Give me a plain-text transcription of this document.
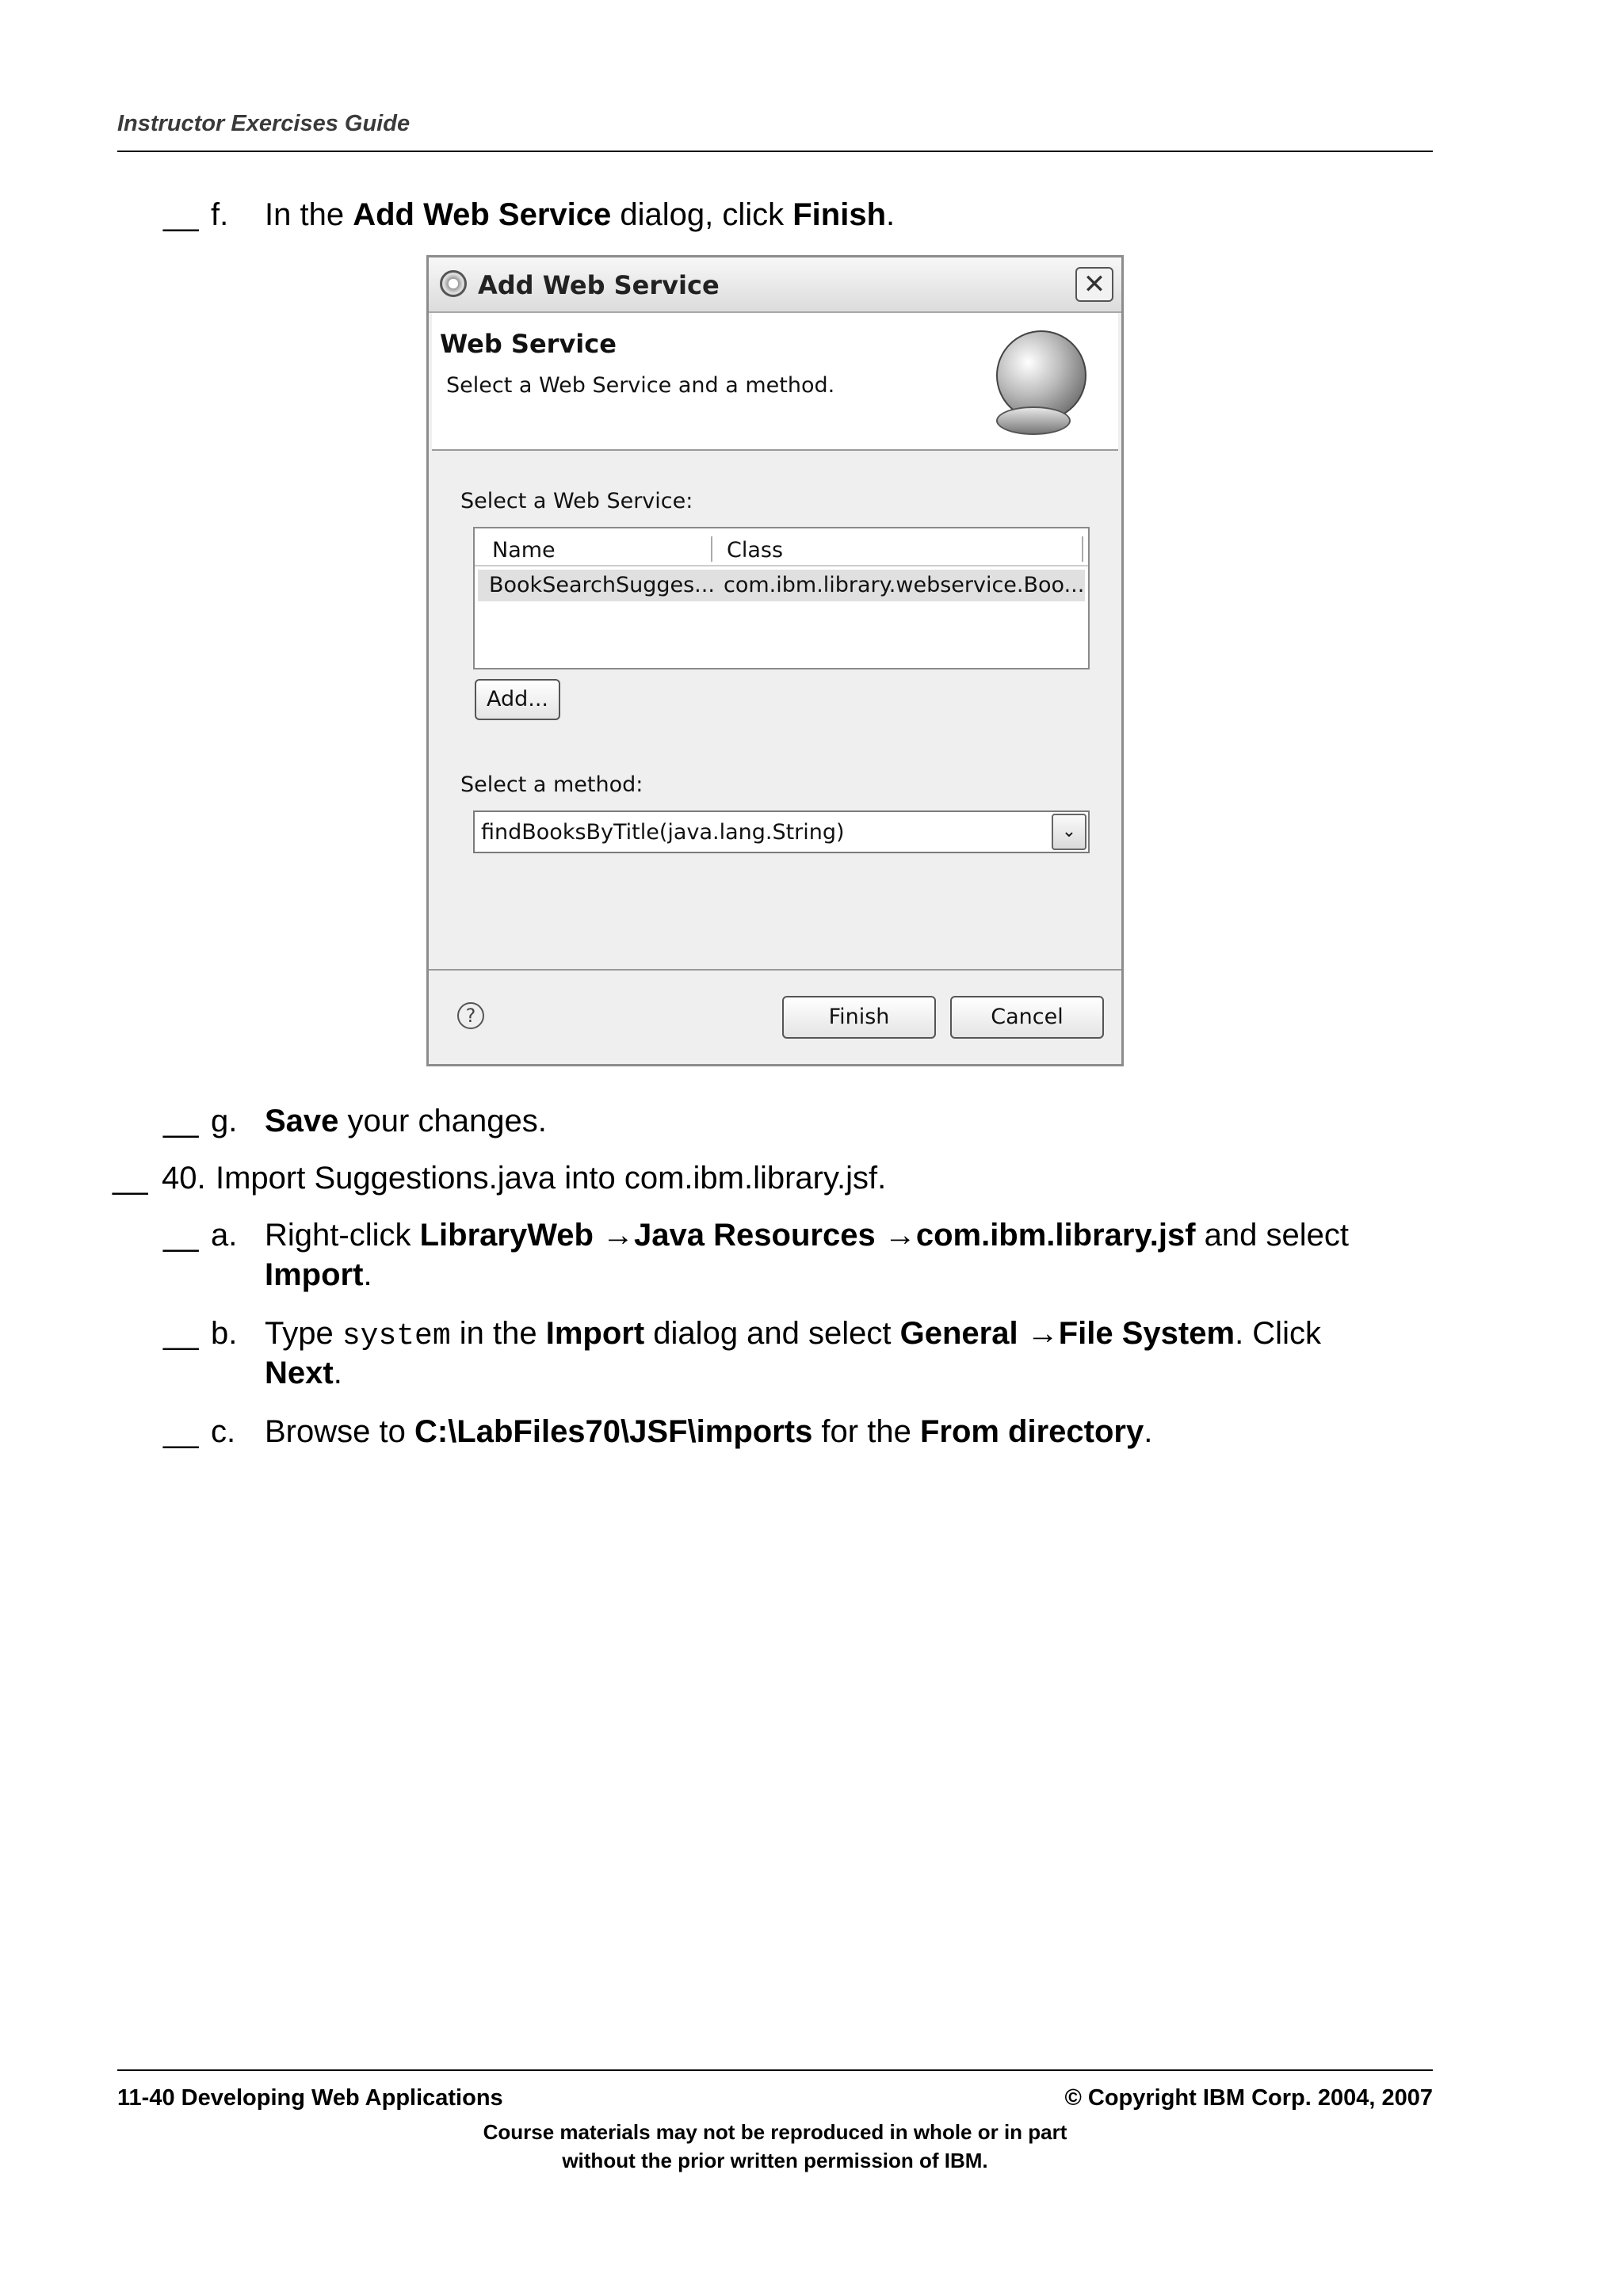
Instructor Exercises Guide
__ f. In the Add Web Service dialog, click Finish.
Add Web Service	✕
Web Service
Select a Web Service and a method.
Select a Web Service:
Name	Class
BookSearchSugges... com.ibm.library.webservice.Boo...
Add...
Select a method:
findBooksByTitle(java.lang.String)	⌄
?	Finish	Cancel
__ g. Save your changes.
__ 40. Import Suggestions.java into com.ibm.library.jsf.
__ a. Right-click LibraryWeb →Java Resources →com.ibm.library.jsf and select
Import.
__ b. Type system in the Import dialog and select General →File System. Click
Next.
__ c. Browse to C:\LabFiles70\JSF\imports for the From directory.
11-40 Developing Web Applications	© Copyright IBM Corp. 2004, 2007
Course materials may not be reproduced in whole or in part
without the prior written permission of IBM.
